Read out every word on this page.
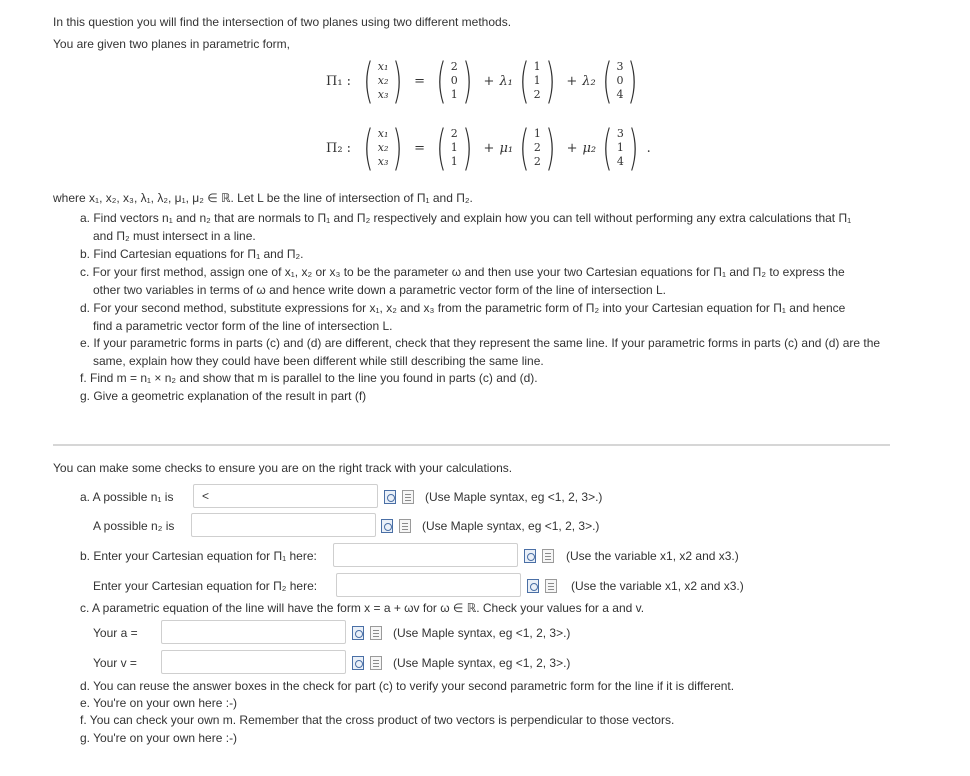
In this question you will find the intersection of two planes using two different methods.
You are given two planes in parametric form,
Π₁ : ( x₁
x₂
x₃ ) = ( 2
0
1 ) + λ₁ ( 1
1
2 ) + λ₂ ( 3
0
4 )
Π₂ : ( x₁
x₂
x₃ ) = ( 2
1
1 ) + μ₁ ( 1
2
2 ) + μ₂ ( 3
1
4 ) .
where x₁, x₂, x₃, λ₁, λ₂, μ₁, μ₂ ∈ ℝ. Let L be the line of intersection of Π₁ and Π₂.
a. Find vectors n₁ and n₂ that are normals to Π₁ and Π₂ respectively and explain how you can tell without performing any extra calculations that Π₁
and Π₂ must intersect in a line.
b. Find Cartesian equations for Π₁ and Π₂.
c. For your first method, assign one of x₁, x₂ or x₃ to be the parameter ω and then use your two Cartesian equations for Π₁ and Π₂ to express the
other two variables in terms of ω and hence write down a parametric vector form of the line of intersection L.
d. For your second method, substitute expressions for x₁, x₂ and x₃ from the parametric form of Π₂ into your Cartesian equation for Π₁ and hence
find a parametric vector form of the line of intersection L.
e. If your parametric forms in parts (c) and (d) are different, check that they represent the same line. If your parametric forms in parts (c) and (d) are the
same, explain how they could have been different while still describing the same line.
f. Find m = n₁ × n₂ and show that m is parallel to the line you found in parts (c) and (d).
g. Give a geometric explanation of the result in part (f)
You can make some checks to ensure you are on the right track with your calculations.
a. A possible n₁ is	<	(Use Maple syntax, eg <1, 2, 3>.)
A possible n₂ is	(Use Maple syntax, eg <1, 2, 3>.)
b. Enter your Cartesian equation for Π₁ here:	(Use the variable x1, x2 and x3.)
Enter your Cartesian equation for Π₂ here:	(Use the variable x1, x2 and x3.)
c. A parametric equation of the line will have the form x = a + ωv for ω ∈ ℝ. Check your values for a and v.
Your a =	(Use Maple syntax, eg <1, 2, 3>.)
Your v =	(Use Maple syntax, eg <1, 2, 3>.)
d. You can reuse the answer boxes in the check for part (c) to verify your second parametric form for the line if it is different.
e. You're on your own here :-)
f. You can check your own m. Remember that the cross product of two vectors is perpendicular to those vectors.
g. You're on your own here :-)
